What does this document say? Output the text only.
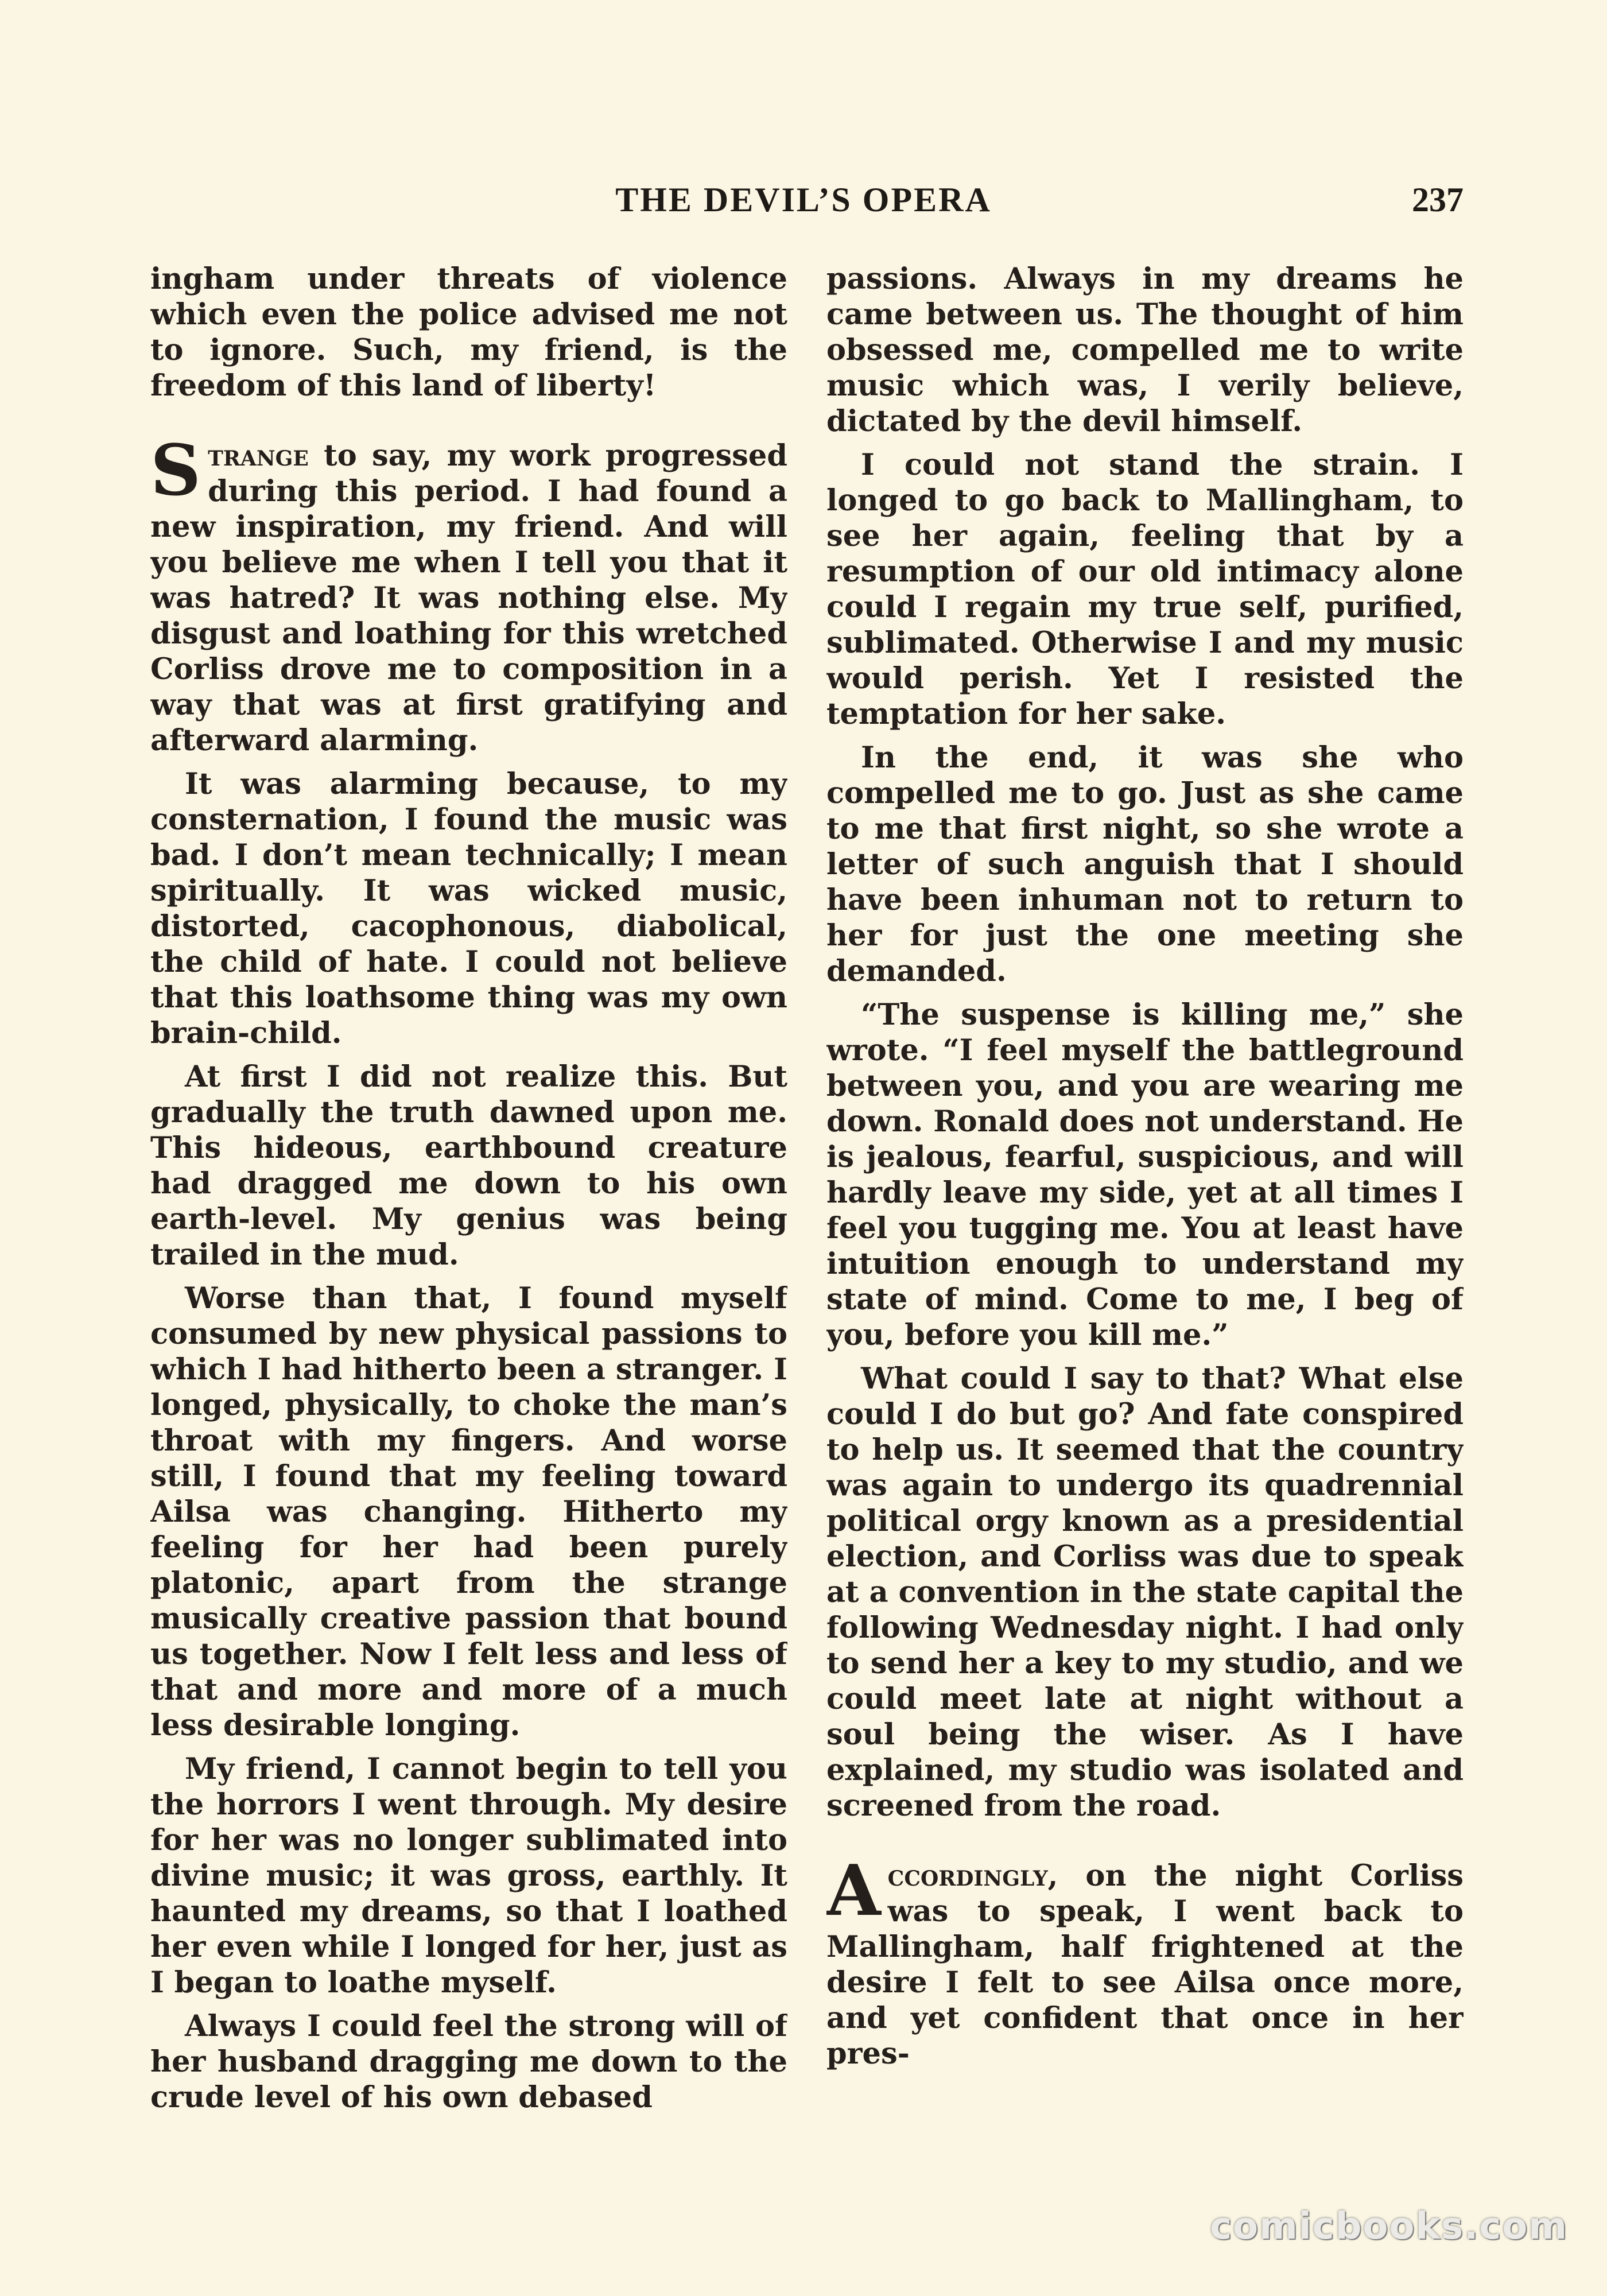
THE DEVIL’S OPERA	237

ingham under threats of violence which even the police advised me not to ignore. Such, my friend, is the freedom of this land of liberty!

Strange to say, my work progressed during this period. I had found a new inspiration, my friend. And will you believe me when I tell you that it was hatred? It was nothing else. My disgust and loathing for this wretched Corliss drove me to composition in a way that was at first gratifying and afterward alarming.

It was alarming because, to my consternation, I found the music was bad. I don’t mean technically; I mean spiritually. It was wicked music, distorted, cacophonous, diabolical, the child of hate. I could not believe that this loathsome thing was my own brain-child.

At first I did not realize this. But gradually the truth dawned upon me. This hideous, earthbound creature had dragged me down to his own earth-level. My genius was being trailed in the mud.

Worse than that, I found myself consumed by new physical passions to which I had hitherto been a stranger. I longed, physically, to choke the man’s throat with my fingers. And worse still, I found that my feeling toward Ailsa was changing. Hitherto my feeling for her had been purely platonic, apart from the strange musically creative passion that bound us together. Now I felt less and less of that and more and more of a much less desirable longing.

My friend, I cannot begin to tell you the horrors I went through. My desire for her was no longer sublimated into divine music; it was gross, earthly. It haunted my dreams, so that I loathed her even while I longed for her, just as I began to loathe myself.

Always I could feel the strong will of her husband dragging me down to the crude level of his own debased

passions. Always in my dreams he came between us. The thought of him obsessed me, compelled me to write music which was, I verily believe, dictated by the devil himself.

I could not stand the strain. I longed to go back to Mallingham, to see her again, feeling that by a resumption of our old intimacy alone could I regain my true self, purified, sublimated. Otherwise I and my music would perish. Yet I resisted the temptation for her sake.

In the end, it was she who compelled me to go. Just as she came to me that first night, so she wrote a letter of such anguish that I should have been inhuman not to return to her for just the one meeting she demanded.

“The suspense is killing me,” she wrote. “I feel myself the battleground between you, and you are wearing me down. Ronald does not understand. He is jealous, fearful, suspicious, and will hardly leave my side, yet at all times I feel you tugging me. You at least have intuition enough to understand my state of mind. Come to me, I beg of you, before you kill me.”

What could I say to that? What else could I do but go? And fate conspired to help us. It seemed that the country was again to undergo its quadrennial political orgy known as a presidential election, and Corliss was due to speak at a convention in the state capital the following Wednesday night. I had only to send her a key to my studio, and we could meet late at night without a soul being the wiser. As I have explained, my studio was isolated and screened from the road.

Accordingly, on the night Corliss was to speak, I went back to Mallingham, half frightened at the desire I felt to see Ailsa once more, and yet confident that once in her pres-

comicbooks.com
